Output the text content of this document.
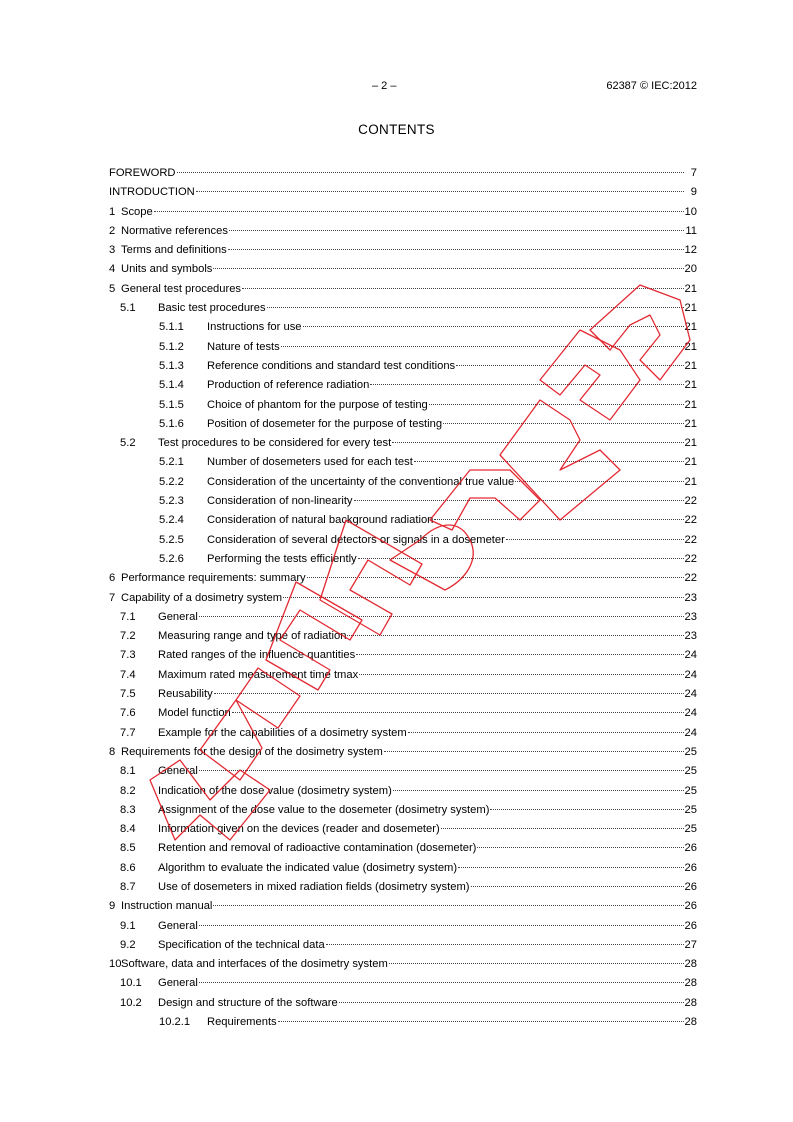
– 2 –	62387 © IEC:2012
CONTENTS
FOREWORD	7
INTRODUCTION	9
1 Scope	10
2 Normative references	11
3 Terms and definitions	12
4 Units and symbols	20
5 General test procedures	21
5.1	Basic test procedures	21
5.1.1	Instructions for use	21
5.1.2	Nature of tests	21
5.1.3	Reference conditions and standard test conditions	21
5.1.4	Production of reference radiation	21
5.1.5	Choice of phantom for the purpose of testing	21
5.1.6	Position of dosemeter for the purpose of testing	21
5.2	Test procedures to be considered for every test	21
5.2.1	Number of dosemeters used for each test	21
5.2.2	Consideration of the uncertainty of the conventional true value	21
5.2.3	Consideration of non-linearity	22
5.2.4	Consideration of natural background radiation	22
5.2.5	Consideration of several detectors or signals in a dosemeter	22
5.2.6	Performing the tests efficiently	22
6 Performance requirements: summary	22
7 Capability of a dosimetry system	23
7.1	General	23
7.2	Measuring range and type of radiation	23
7.3	Rated ranges of the influence quantities	24
7.4	Maximum rated measurement time tmax	24
7.5	Reusability	24
7.6	Model function	24
7.7	Example for the capabilities of a dosimetry system	24
8 Requirements for the design of the dosimetry system	25
8.1	General	25
8.2	Indication of the dose value (dosimetry system)	25
8.3	Assignment of the dose value to the dosemeter (dosimetry system)	25
8.4	Information given on the devices (reader and dosemeter)	25
8.5	Retention and removal of radioactive contamination (dosemeter)	26
8.6	Algorithm to evaluate the indicated value (dosimetry system)	26
8.7	Use of dosemeters in mixed radiation fields (dosimetry system)	26
9 Instruction manual	26
9.1	General	26
9.2	Specification of the technical data	27
10 Software, data and interfaces of the dosimetry system	28
10.1	General	28
10.2	Design and structure of the software	28
10.2.1	Requirements	28
